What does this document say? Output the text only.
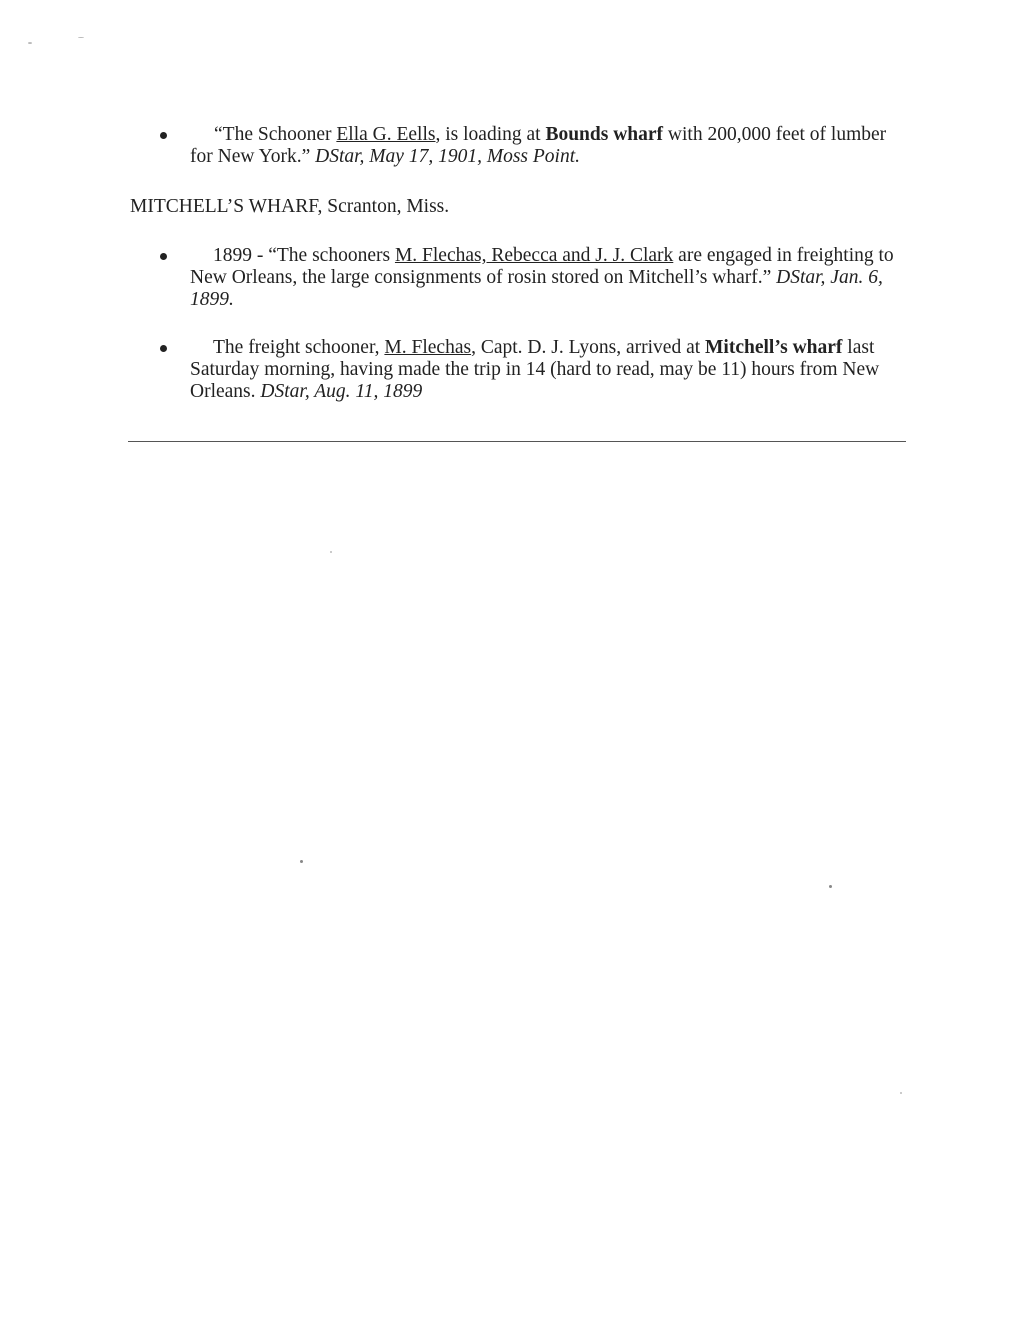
“The Schooner Ella G. Eells, is loading at Bounds wharf with 200,000 feet of lumber for New York.” DStar, May 17, 1901, Moss Point.

MITCHELL’S WHARF, Scranton, Miss.

1899 - “The schooners M. Flechas, Rebecca and J. J. Clark are engaged in freighting to New Orleans, the large consignments of rosin stored on Mitchell’s wharf.” DStar, Jan. 6, 1899.

The freight schooner, M. Flechas, Capt. D. J. Lyons, arrived at Mitchell’s wharf last Saturday morning, having made the trip in 14 (hard to read, may be 11) hours from New Orleans. DStar, Aug. 11, 1899
